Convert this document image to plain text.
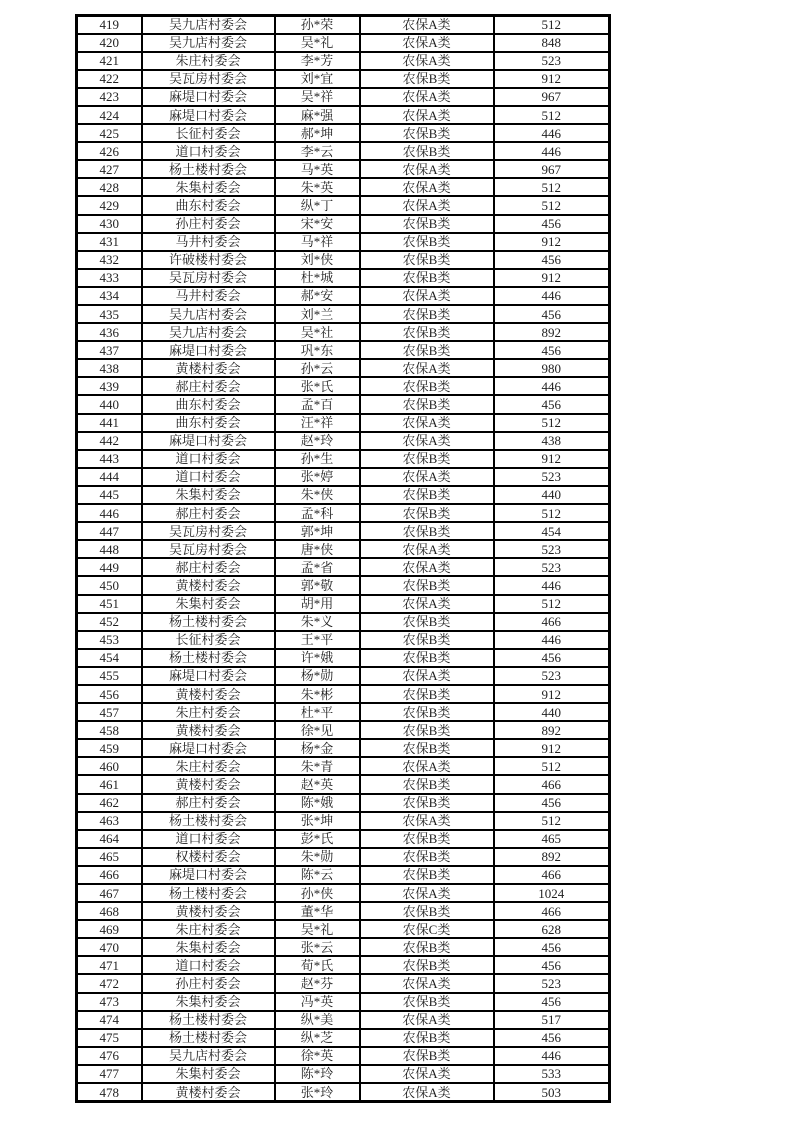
419	吴九店村委会	孙*荣	农保A类	512
420	吴九店村委会	吴*礼	农保A类	848
421	朱庄村委会	李*芳	农保A类	523
422	吴瓦房村委会	刘*宜	农保B类	912
423	麻堤口村委会	吴*祥	农保A类	967
424	麻堤口村委会	麻*强	农保A类	512
425	长征村委会	郝*坤	农保B类	446
426	道口村委会	李*云	农保B类	446
427	杨土楼村委会	马*英	农保A类	967
428	朱集村委会	朱*英	农保A类	512
429	曲东村委会	纵*丁	农保A类	512
430	孙庄村委会	宋*安	农保B类	456
431	马井村委会	马*祥	农保B类	912
432	许破楼村委会	刘*侠	农保B类	456
433	吴瓦房村委会	杜*城	农保B类	912
434	马井村委会	郝*安	农保A类	446
435	吴九店村委会	刘*兰	农保B类	456
436	吴九店村委会	吴*社	农保B类	892
437	麻堤口村委会	巩*东	农保B类	456
438	黄楼村委会	孙*云	农保A类	980
439	郝庄村委会	张*氏	农保B类	446
440	曲东村委会	孟*百	农保B类	456
441	曲东村委会	汪*祥	农保A类	512
442	麻堤口村委会	赵*玲	农保A类	438
443	道口村委会	孙*生	农保B类	912
444	道口村委会	张*婷	农保A类	523
445	朱集村委会	朱*侠	农保B类	440
446	郝庄村委会	孟*科	农保B类	512
447	吴瓦房村委会	郭*坤	农保B类	454
448	吴瓦房村委会	唐*侠	农保A类	523
449	郝庄村委会	孟*省	农保A类	523
450	黄楼村委会	郭*敬	农保B类	446
451	朱集村委会	胡*用	农保A类	512
452	杨土楼村委会	朱*义	农保B类	466
453	长征村委会	王*平	农保B类	446
454	杨土楼村委会	许*娥	农保B类	456
455	麻堤口村委会	杨*勋	农保A类	523
456	黄楼村委会	朱*彬	农保B类	912
457	朱庄村委会	杜*平	农保B类	440
458	黄楼村委会	徐*见	农保B类	892
459	麻堤口村委会	杨*金	农保B类	912
460	朱庄村委会	朱*青	农保A类	512
461	黄楼村委会	赵*英	农保B类	466
462	郝庄村委会	陈*娥	农保B类	456
463	杨土楼村委会	张*坤	农保A类	512
464	道口村委会	彭*氏	农保B类	465
465	权楼村委会	朱*勋	农保B类	892
466	麻堤口村委会	陈*云	农保B类	466
467	杨土楼村委会	孙*侠	农保A类	1024
468	黄楼村委会	董*华	农保B类	466
469	朱庄村委会	吴*礼	农保C类	628
470	朱集村委会	张*云	农保B类	456
471	道口村委会	荀*氏	农保B类	456
472	孙庄村委会	赵*芬	农保A类	523
473	朱集村委会	冯*英	农保B类	456
474	杨土楼村委会	纵*美	农保A类	517
475	杨土楼村委会	纵*芝	农保B类	456
476	吴九店村委会	徐*英	农保B类	446
477	朱集村委会	陈*玲	农保A类	533
478	黄楼村委会	张*玲	农保A类	503
